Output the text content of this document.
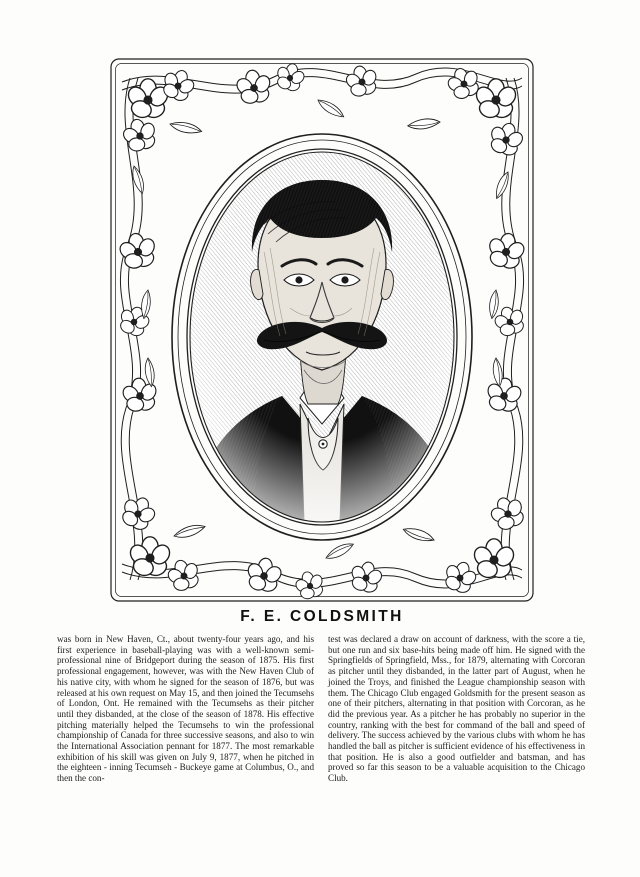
F. E. COLDSMITH

was born in New Haven, Ct., about twenty-four years ago, and his first experience in baseball-playing was with a well-known semi-professional nine of Bridgeport during the season of 1875. His first professional engagement, however, was with the New Haven Club of his native city, with whom he signed for the season of 1876, but was released at his own request on May 15, and then joined the Tecumsehs of London, Ont. He remained with the Tecumsehs as their pitcher until they disbanded, at the close of the season of 1878. His effective pitching materially helped the Tecumsehs to win the professional championship of Canada for three successive seasons, and also to win the International Association pennant for 1877. The most remarkable exhibition of his skill was given on July 9, 1877, when he pitched in the eighteen - inning Tecumseh - Buckeye game at Columbus, O., and then the con-

test was declared a draw on account of darkness, with the score a tie, but one run and six base-hits being made off him. He signed with the Springfields of Springfield, Mss., for 1879, alternating with Corcoran as pitcher until they disbanded, in the latter part of August, when he joined the Troys, and finished the League championship season with them. The Chicago Club engaged Goldsmith for the present season as one of their pitchers, alternating in that position with Corcoran, as he did the previous year. As a pitcher he has probably no superior in the country, ranking with the best for command of the ball and speed of delivery. The success achieved by the various clubs with whom he has handled the ball as pitcher is sufficient evidence of his effectiveness in that position. He is also a good outfielder and batsman, and has proved so far this season to be a valuable acquisition to the Chicago Club.
